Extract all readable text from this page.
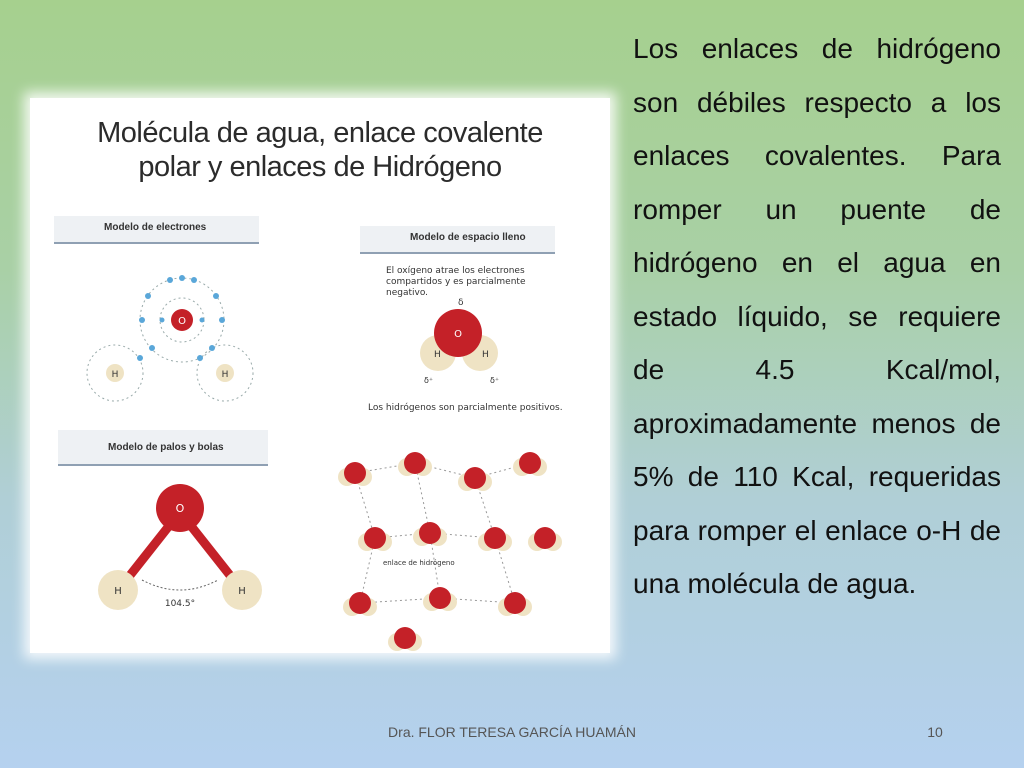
Molécula de agua, enlace covalente
polar y enlaces de Hidrógeno
Modelo de electrones
Modelo de espacio lleno
Modelo de palos y bolas
El oxígeno atrae los electrones compartidos y es parcialmente negativo.
Los hidrógenos son parcialmente positivos.
O
H	H
δ
O
H	H
δ⁺	δ⁺
O
H	H
104.5°
enlace de hidrógeno

Los enlaces de hidrógeno son débiles respecto a los enlaces covalentes. Para romper un puente de hidrógeno en el agua en estado líquido, se requiere de 4.5 Kcal/mol, aproximadamente menos de 5% de 110 Kcal, requeridas para romper el enlace o-H de una molécula de agua.

Dra. FLOR TERESA GARCÍA HUAMÁN	10
